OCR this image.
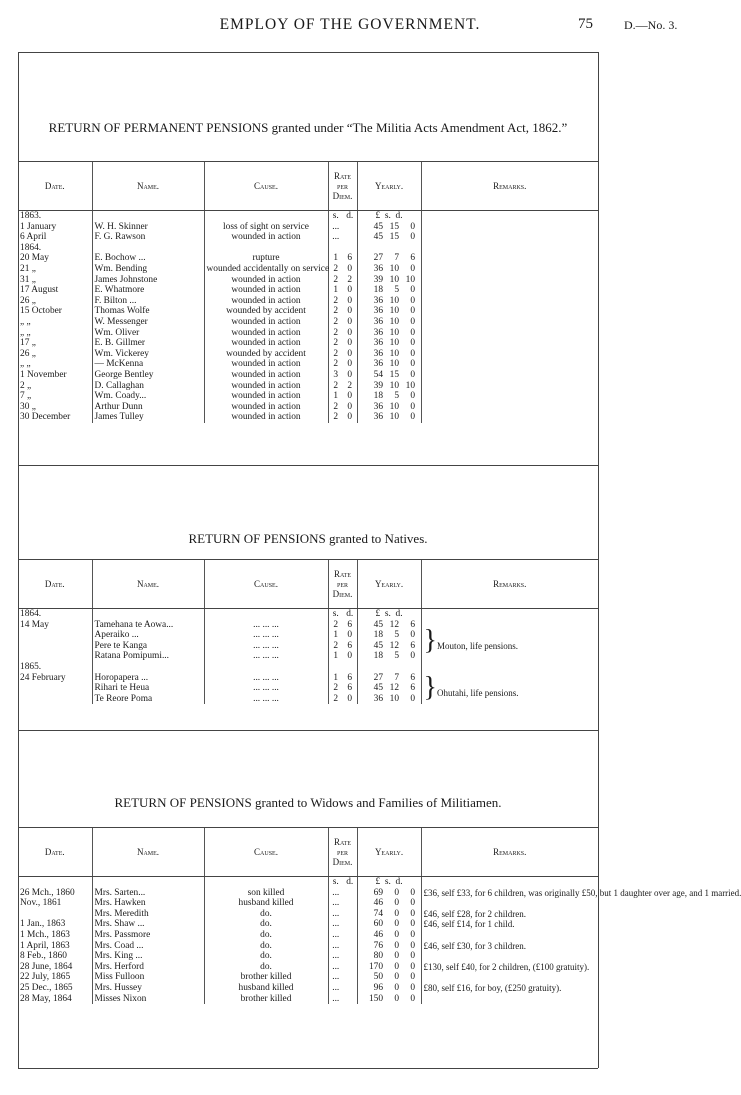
EMPLOY OF THE GOVERNMENT.	75	D.—No. 3.
RETURN OF PERMANENT PENSIONS granted under “The Militia Acts Amendment Act, 1862.”
Date.	Name.	Cause.	Rate per Diem.		Yearly.	Remarks.
1863.			s.	d.	£ s. d.	
1 January	W. H. Skinner	loss of sight on service	...		45 15 0	
6 April	F. G. Rawson	wounded in action	...		45 15 0	
1864.						
20 May	E. Bochow ...	rupture	1	6	27 7 6	
21 „	Wm. Bending	wounded accidentally on service	2	0	36 10 0	
31 „	James Johnstone	wounded in action	2	2	39 10 10	
17 August	E. Whatmore	wounded in action	1	0	18 5 0	
26 „	F. Bilton ...	wounded in action	2	0	36 10 0	
15 October	Thomas Wolfe	wounded by accident	2	0	36 10 0	
„ „	W. Messenger	wounded in action	2	0	36 10 0	
„ „	Wm. Oliver	wounded in action	2	0	36 10 0	
17 „	E. B. Gillmer	wounded in action	2	0	36 10 0	
26 „	Wm. Vickerey	wounded by accident	2	0	36 10 0	
„ „	— McKenna	wounded in action	2	0	36 10 0	
1 November	George Bentley	wounded in action	3	0	54 15 0	
2 „	D. Callaghan	wounded in action	2	2	39 10 10	
7 „	Wm. Coady...	wounded in action	1	0	18 5 0	
30 „	Arthur Dunn	wounded in action	2	0	36 10 0	
30 December	James Tulley	wounded in action	2	0	36 10 0	
RETURN OF PENSIONS granted to Natives.
Date.	Name.	Cause.	Rate per Diem.		Yearly.	Remarks.
1864.			s.	d.	£ s. d.	
14 May	Tamehana te Aowa...	... ... ...	2	6	45 12 6	}Mouton, life pensions.
	Aperaiko ...	... ... ...	1	0	18 5 0	
	Pere te Kanga	... ... ...	2	6	45 12 6	
	Ratana Pomipumi...	... ... ...	1	0	18 5 0	
1865.						
24 February	Horopapera ...	... ... ...	1	6	27 7 6	}Ohutahi, life pensions.
	Rihari te Heua	... ... ...	2	6	45 12 6	
	Te Reore Poma	... ... ...	2	0	36 10 0	
RETURN OF PENSIONS granted to Widows and Families of Militiamen.
Date.	Name.	Cause.	Rate per Diem.		Yearly.	Remarks.
			s.	d.	£ s. d.	
26 Mch., 1860	Mrs. Sarten...	son killed	...		69 0 0	£36, self £33, for 6 children, was originally £50, but 1 daughter over age, and 1 married.
Nov., 1861	Mrs. Hawken	husband killed	...		46 0 0	
	Mrs. Meredith	do.	...		74 0 0	£46, self £28, for 2 children.
1 Jan., 1863	Mrs. Shaw ...	do.	...		60 0 0	£46, self £14, for 1 child.
1 Mch., 1863	Mrs. Passmore	do.	...		46 0 0	
1 April, 1863	Mrs. Coad ...	do.	...		76 0 0	£46, self £30, for 3 children.
8 Feb., 1860	Mrs. King ...	do.	...		80 0 0	
28 June, 1864	Mrs. Herford	do.	...		170 0 0	£130, self £40, for 2 children, (£100 gratuity).
22 July, 1865	Miss Fulloon	brother killed	...		50 0 0	
25 Dec., 1865	Mrs. Hussey	husband killed	...		96 0 0	£80, self £16, for boy, (£250 gratuity).
28 May, 1864	Misses Nixon	brother killed	...		150 0 0	
